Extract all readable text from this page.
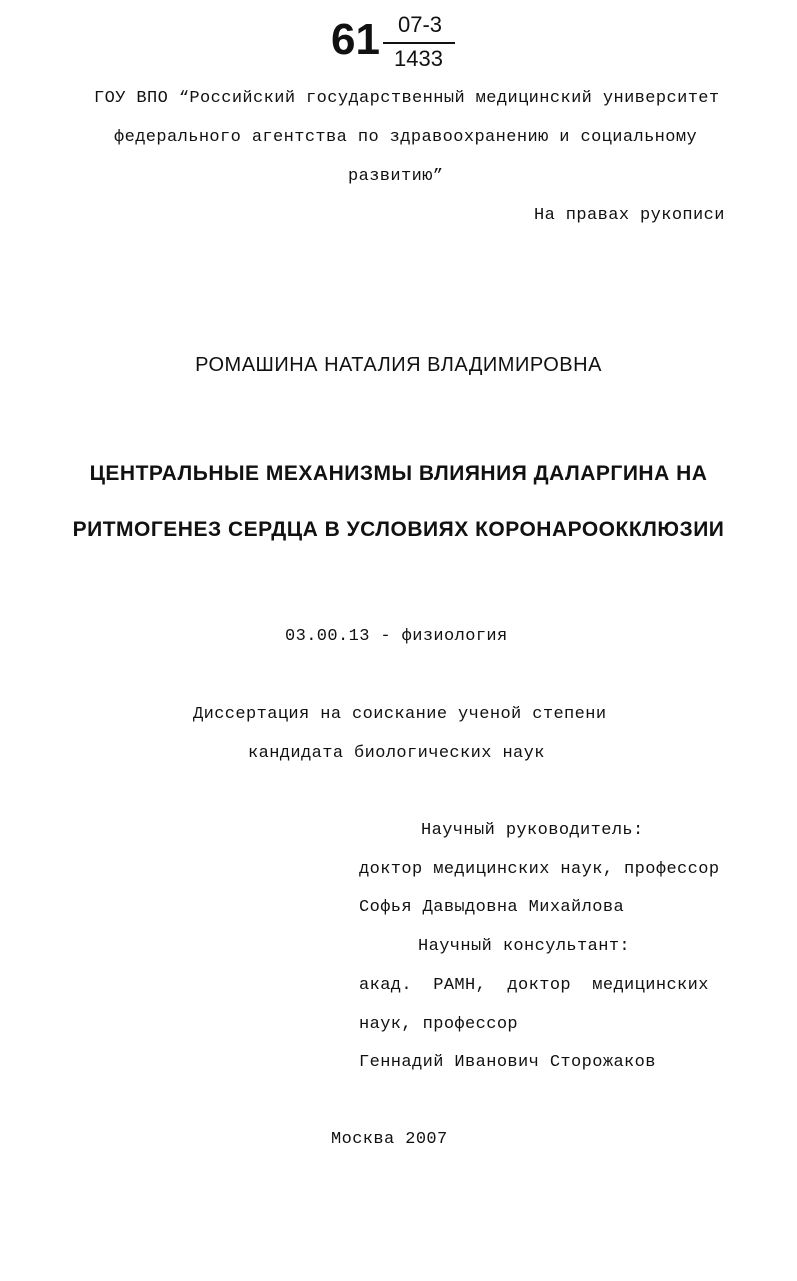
61 07-3
1433
ГОУ ВПО “Российский государственный медицинский университет
федерального агентства по здравоохранению и социальному
развитию”
На правах рукописи
РОМАШИНА НАТАЛИЯ ВЛАДИМИРОВНА
ЦЕНТРАЛЬНЫЕ МЕХАНИЗМЫ ВЛИЯНИЯ ДАЛАРГИНА НА
РИТМОГЕНЕЗ СЕРДЦА В УСЛОВИЯХ КОРОНАРООККЛЮЗИИ
03.00.13 - физиология
Диссертация на соискание ученой степени
кандидата биологических наук
Научный руководитель:
доктор медицинских наук, профессор
Софья Давыдовна Михайлова
Научный консультант:
акад.  РАМН,  доктор  медицинских
наук, профессор
Геннадий Иванович Сторожаков
Москва 2007
